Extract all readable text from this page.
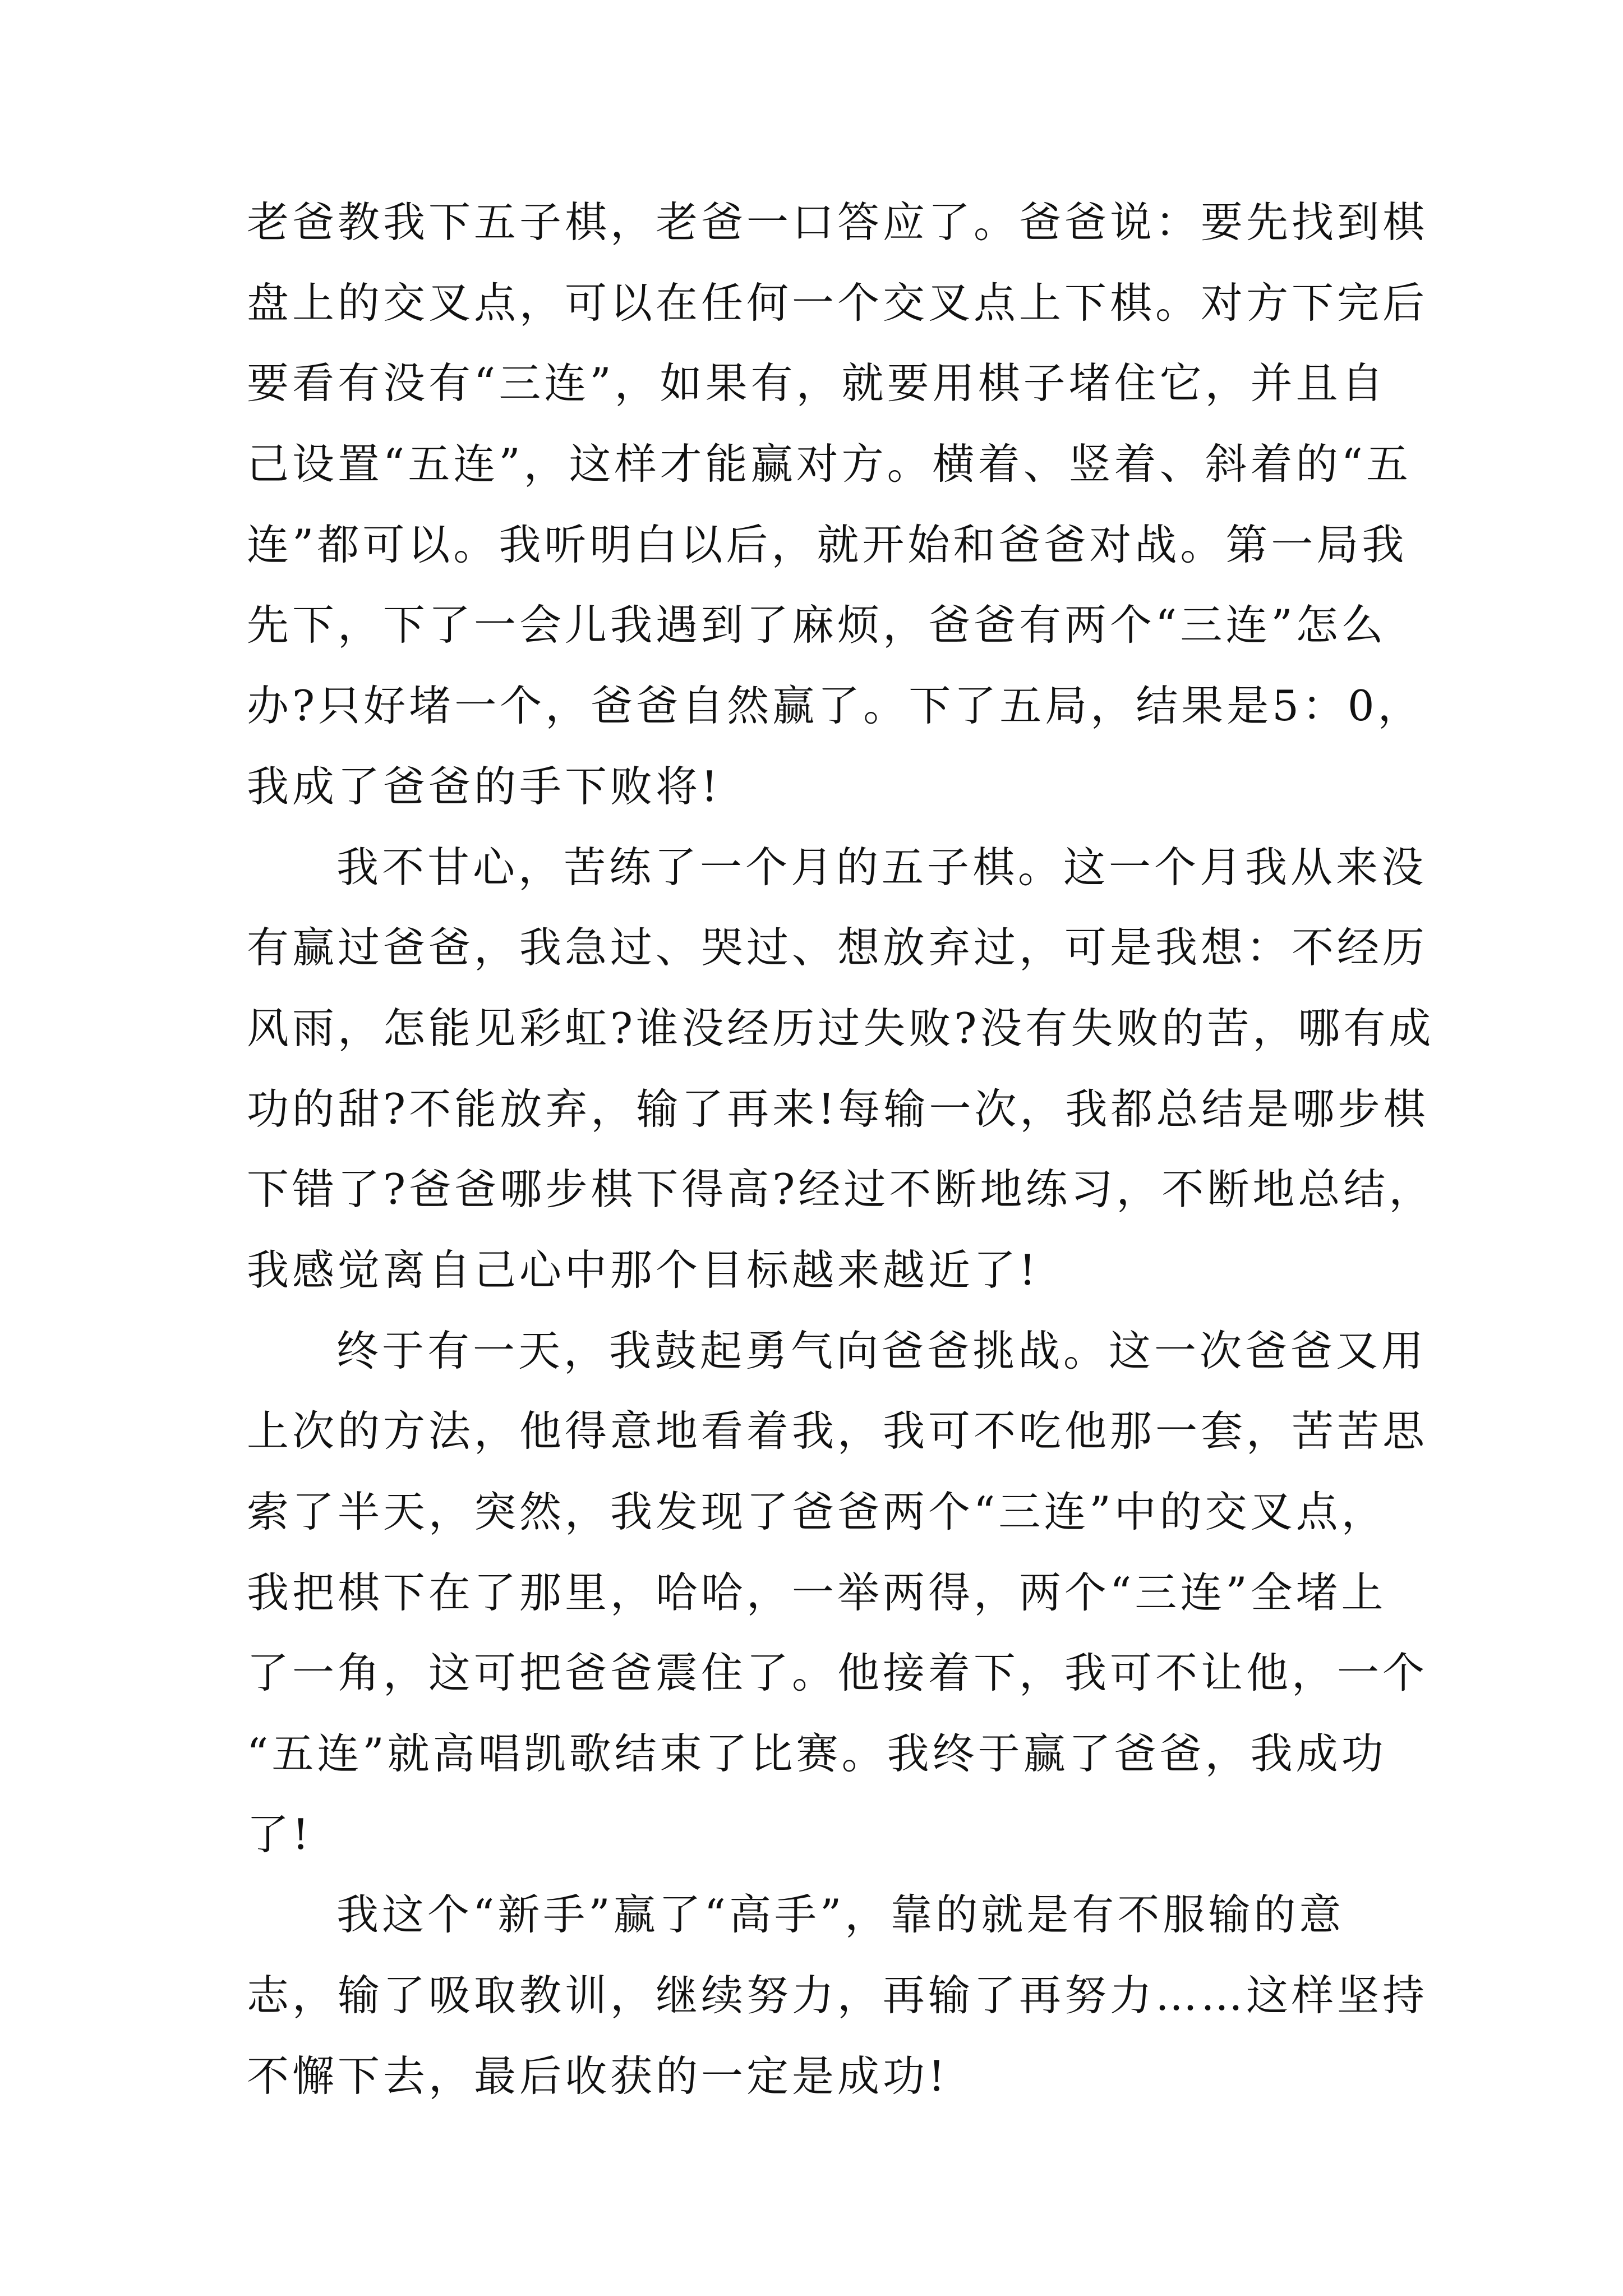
老爸教我下五子棋，老爸一口答应了。爸爸说：要先找到棋
盘上的交叉点，可以在任何一个交叉点上下棋。对方下完后
要看有没有“三连”，如果有，就要用棋子堵住它，并且自
己设置“五连”，这样才能赢对方。横着、竖着、斜着的“五
连”都可以。我听明白以后，就开始和爸爸对战。第一局我
先下，下了一会儿我遇到了麻烦，爸爸有两个“三连”怎么
办?只好堵一个，爸爸自然赢了。下了五局，结果是5：0，
我成了爸爸的手下败将!
我不甘心，苦练了一个月的五子棋。这一个月我从来没
有赢过爸爸，我急过、哭过、想放弃过，可是我想：不经历
风雨，怎能见彩虹?谁没经历过失败?没有失败的苦，哪有成
功的甜?不能放弃，输了再来!每输一次，我都总结是哪步棋
下错了?爸爸哪步棋下得高?经过不断地练习，不断地总结，
我感觉离自己心中那个目标越来越近了!
终于有一天，我鼓起勇气向爸爸挑战。这一次爸爸又用
上次的方法，他得意地看着我，我可不吃他那一套，苦苦思
索了半天，突然，我发现了爸爸两个“三连”中的交叉点，
我把棋下在了那里，哈哈，一举两得，两个“三连”全堵上
了一角，这可把爸爸震住了。他接着下，我可不让他，一个
“五连”就高唱凯歌结束了比赛。我终于赢了爸爸，我成功
了!
我这个“新手”赢了“高手”，靠的就是有不服输的意
志，输了吸取教训，继续努力，再输了再努力……这样坚持
不懈下去，最后收获的一定是成功!
